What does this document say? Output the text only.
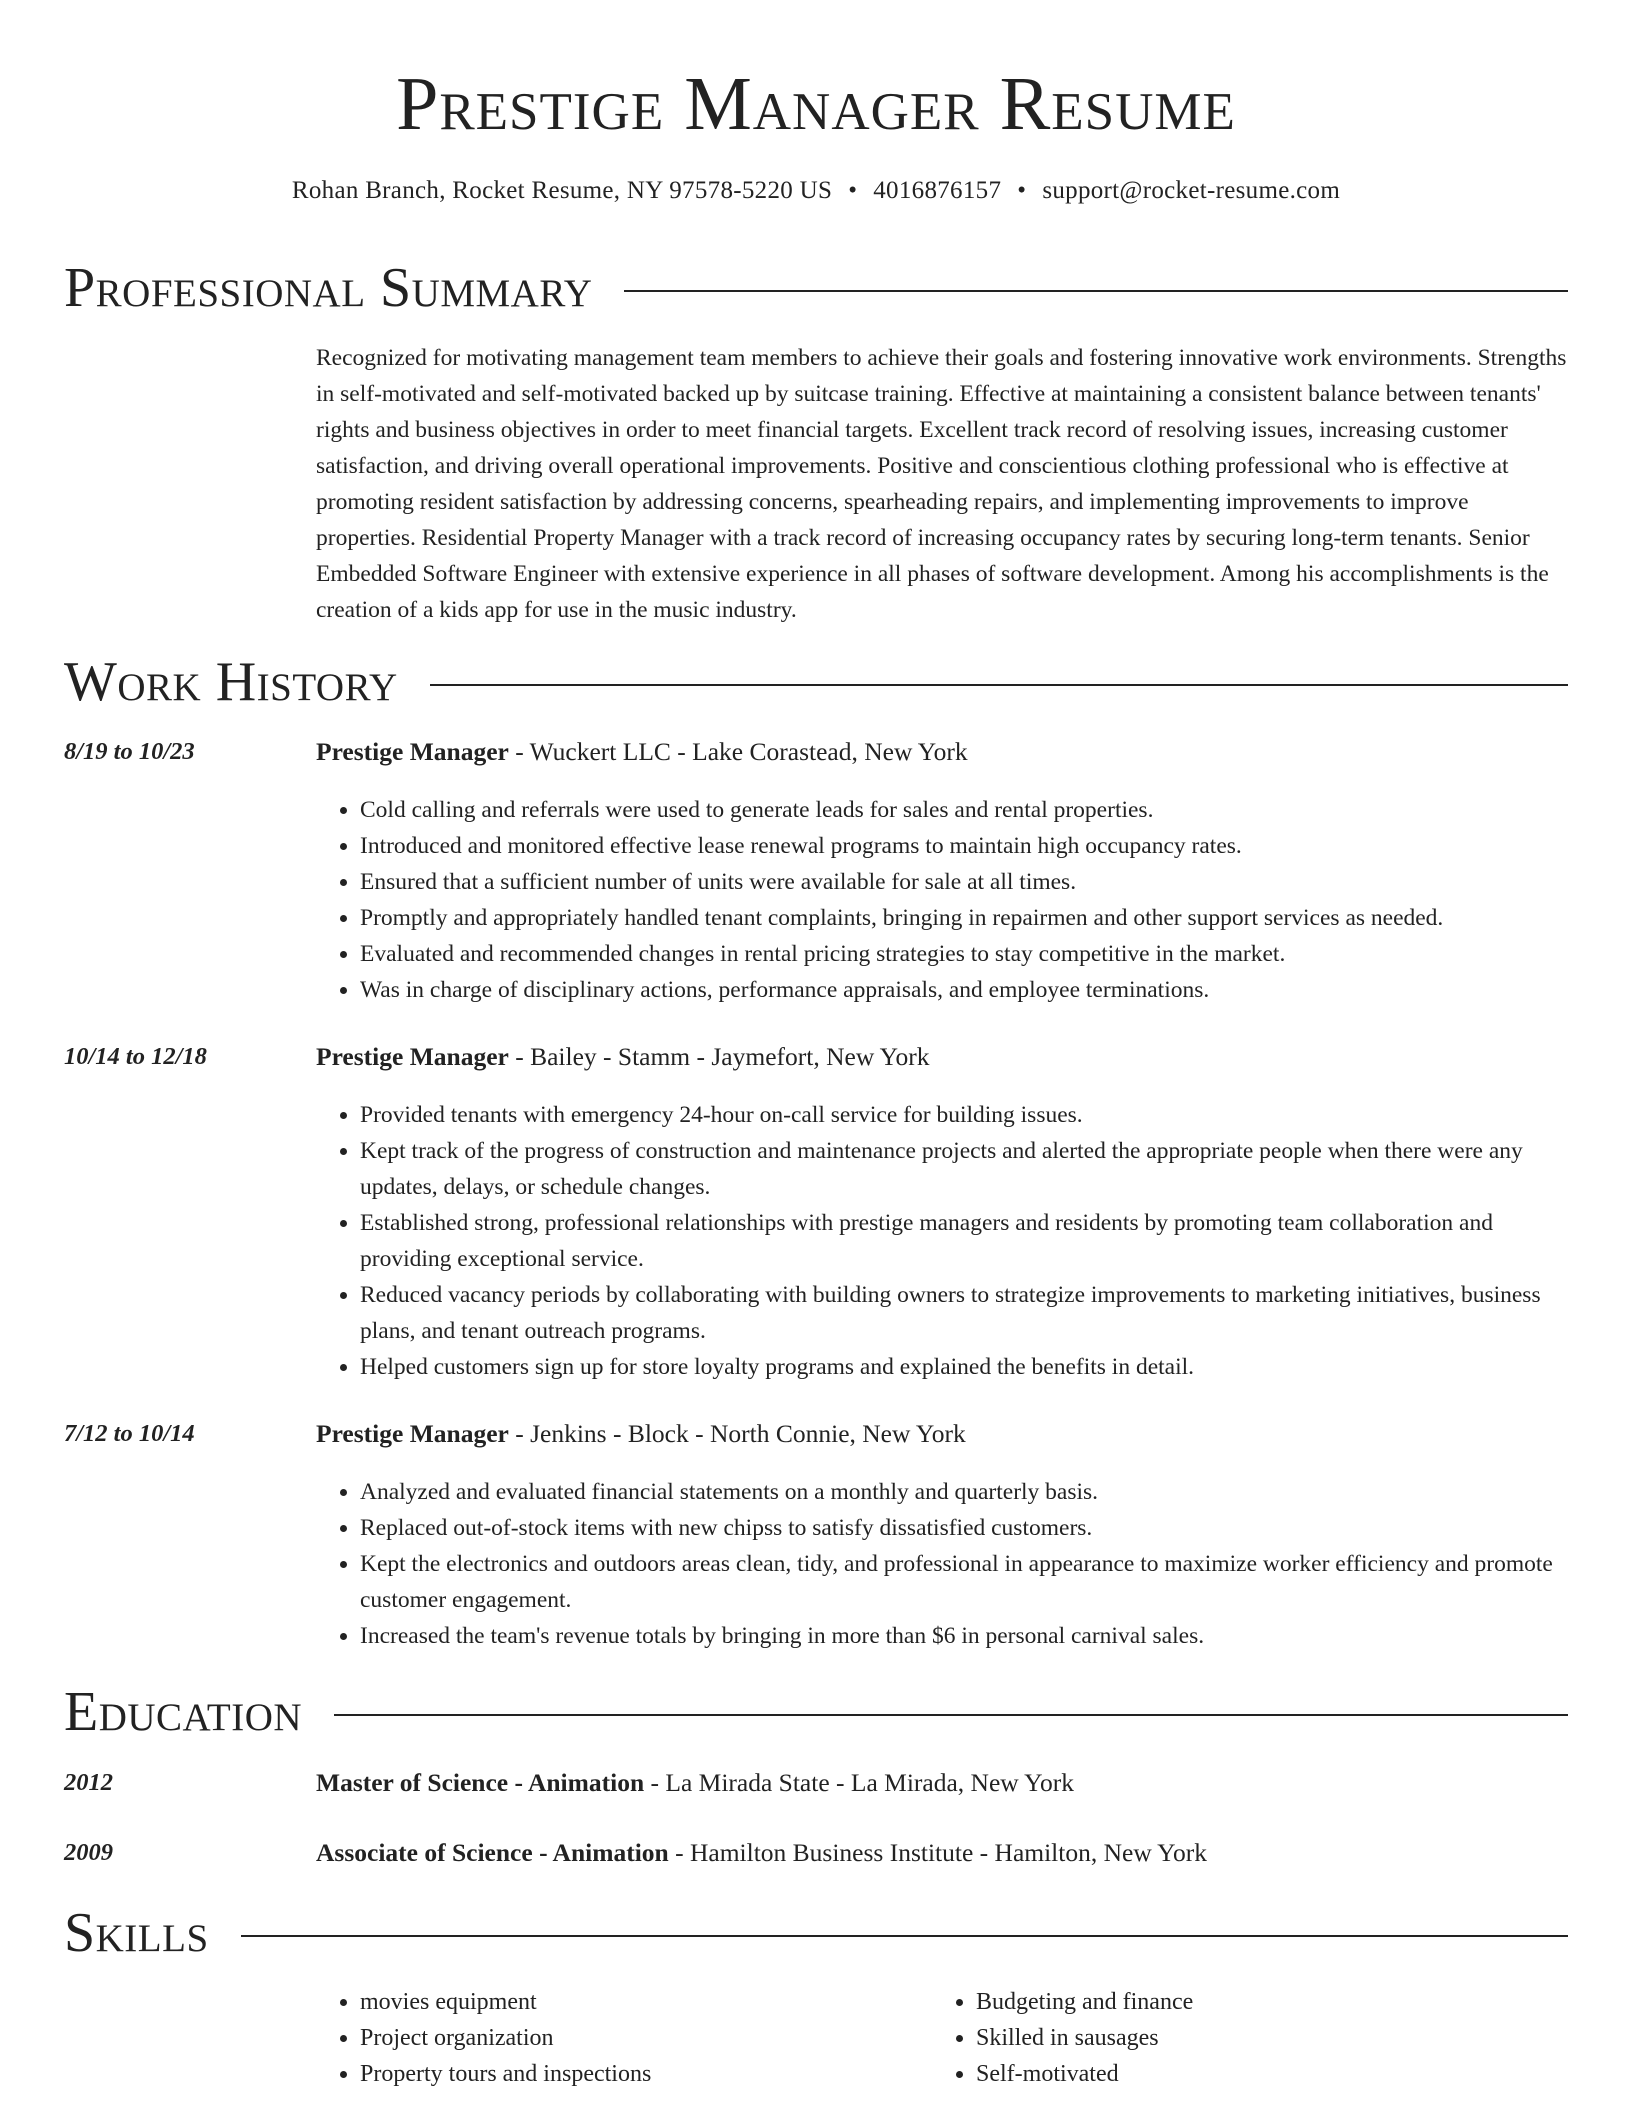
Prestige Manager Resume
Rohan Branch, Rocket Resume, NY 97578-5220 US • 4016876157 • support@rocket-resume.com
Professional Summary
Recognized for motivating management team members to achieve their goals and fostering innovative work environments. Strengths in self-motivated and self-motivated backed up by suitcase training. Effective at maintaining a consistent balance between tenants' rights and business objectives in order to meet financial targets. Excellent track record of resolving issues, increasing customer satisfaction, and driving overall operational improvements. Positive and conscientious clothing professional who is effective at promoting resident satisfaction by addressing concerns, spearheading repairs, and implementing improvements to improve properties. Residential Property Manager with a track record of increasing occupancy rates by securing long-term tenants. Senior Embedded Software Engineer with extensive experience in all phases of software development. Among his accomplishments is the creation of a kids app for use in the music industry.
Work History
8/19 to 10/23	Prestige Manager - Wuckert LLC - Lake Corastead, New York
• Cold calling and referrals were used to generate leads for sales and rental properties.
• Introduced and monitored effective lease renewal programs to maintain high occupancy rates.
• Ensured that a sufficient number of units were available for sale at all times.
• Promptly and appropriately handled tenant complaints, bringing in repairmen and other support services as needed.
• Evaluated and recommended changes in rental pricing strategies to stay competitive in the market.
• Was in charge of disciplinary actions, performance appraisals, and employee terminations.
10/14 to 12/18	Prestige Manager - Bailey - Stamm - Jaymefort, New York
• Provided tenants with emergency 24-hour on-call service for building issues.
• Kept track of the progress of construction and maintenance projects and alerted the appropriate people when there were any updates, delays, or schedule changes.
• Established strong, professional relationships with prestige managers and residents by promoting team collaboration and providing exceptional service.
• Reduced vacancy periods by collaborating with building owners to strategize improvements to marketing initiatives, business plans, and tenant outreach programs.
• Helped customers sign up for store loyalty programs and explained the benefits in detail.
7/12 to 10/14	Prestige Manager - Jenkins - Block - North Connie, New York
• Analyzed and evaluated financial statements on a monthly and quarterly basis.
• Replaced out-of-stock items with new chipss to satisfy dissatisfied customers.
• Kept the electronics and outdoors areas clean, tidy, and professional in appearance to maximize worker efficiency and promote customer engagement.
• Increased the team's revenue totals by bringing in more than $6 in personal carnival sales.
Education
2012	Master of Science - Animation - La Mirada State - La Mirada, New York
2009	Associate of Science - Animation - Hamilton Business Institute - Hamilton, New York
Skills
• movies equipment
• Project organization
• Property tours and inspections
• Budgeting and finance
• Skilled in sausages
• Self-motivated
